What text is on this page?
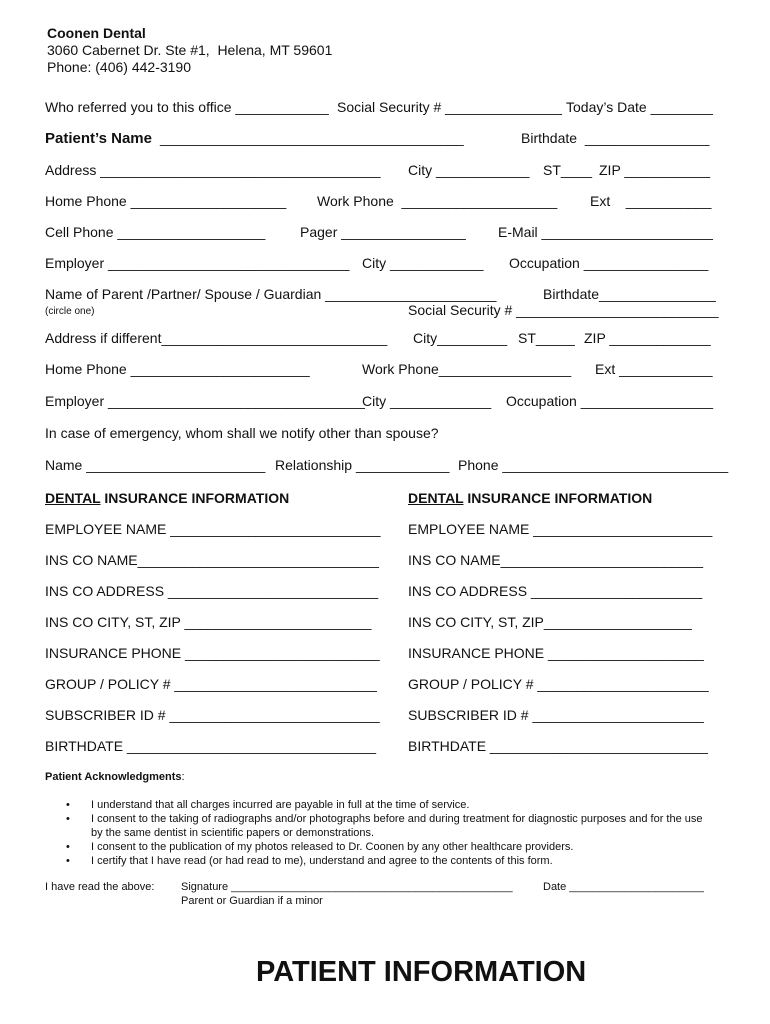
Coonen Dental
3060 Cabernet Dr. Ste #1,  Helena, MT 59601
Phone: (406) 442-3190
Who referred you to this office ____________ Social Security # _______________ Today’s Date ________
Patient’s Name _______________________________________	Birthdate  ________________
Address ____________________________________ City ____________ ST____ ZIP ___________
Home Phone ____________________ Work Phone  ____________________ Ext    ___________
Cell Phone ___________________ Pager ________________ E-Mail ______________________
Employer _______________________________ City ____________ Occupation ________________
Name of Parent /Partner/ Spouse / Guardian ______________________	Birthdate_______________
(circle one)	Social Security # __________________________
Address if different_____________________________ City_________ ST_____ ZIP _____________
Home Phone _______________________	Work Phone_________________ Ext ____________
Employer _________________________________
City _____________ Occupation _________________
In case of emergency, whom shall we notify other than spouse?
Name _______________________ Relationship ____________ Phone _____________________________
DENTAL INSURANCE INFORMATION	DENTAL INSURANCE INFORMATION
EMPLOYEE NAME ___________________________
INS CO NAME_______________________________
INS CO ADDRESS ___________________________
INS CO CITY, ST, ZIP ________________________
INSURANCE PHONE _________________________
GROUP / POLICY # __________________________
SUBSCRIBER ID # ___________________________
BIRTHDATE ________________________________
EMPLOYEE NAME _______________________
INS CO NAME__________________________
INS CO ADDRESS ______________________
INS CO CITY, ST, ZIP___________________
INSURANCE PHONE ____________________
GROUP / POLICY # ______________________
SUBSCRIBER ID # ______________________
BIRTHDATE ____________________________
Patient Acknowledgments:
• I understand that all charges incurred are payable in full at the time of service.
• I consent to the taking of radiographs and/or photographs before and during treatment for diagnostic purposes and for the use
by the same dentist in scientific papers or demonstrations.
• I consent to the publication of my photos released to Dr. Coonen by any other healthcare providers.
• I certify that I have read (or had read to me), understand and agree to the contents of this form.
I have read the above: Signature ______________________________________________	Date ______________________
Parent or Guardian if a minor
PATIENT INFORMATION
